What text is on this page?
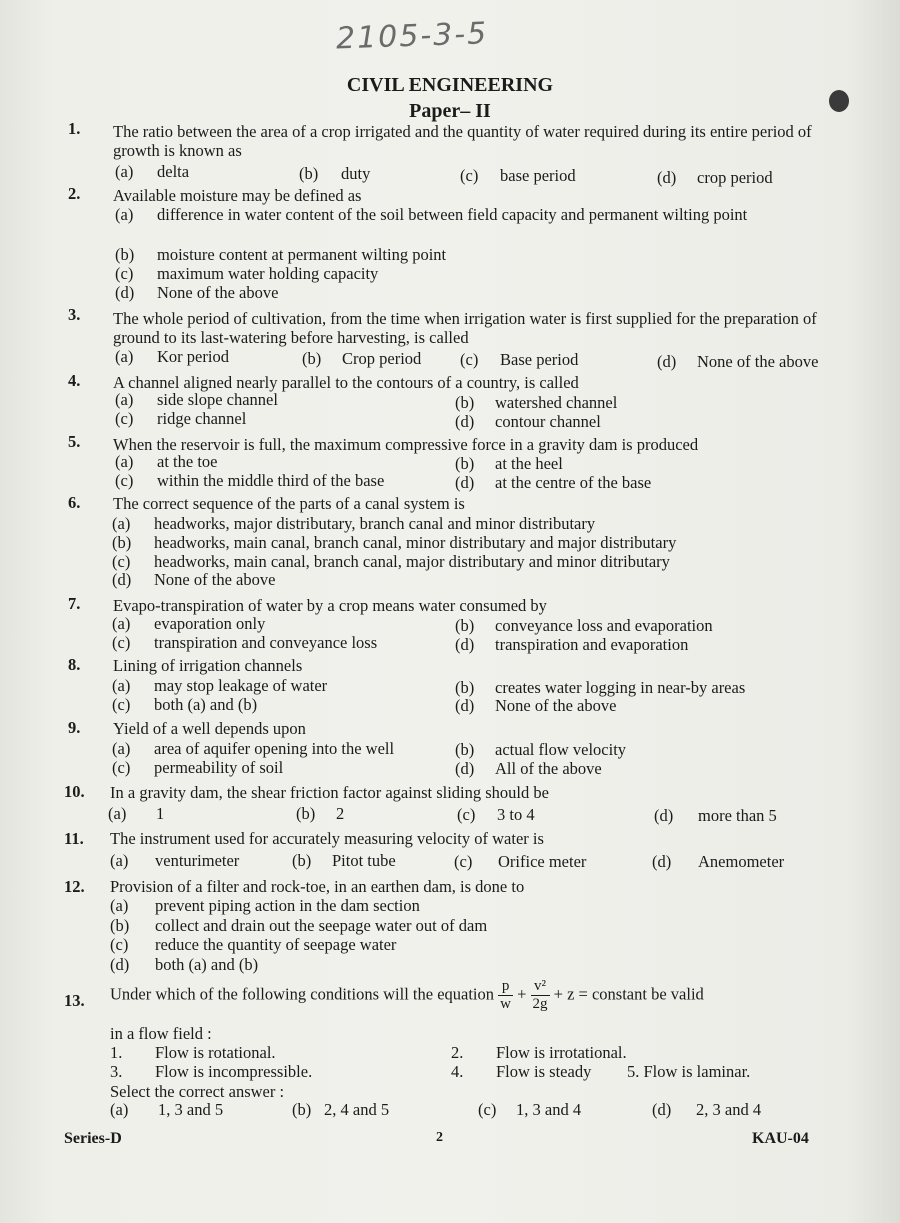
2105-3-5
CIVIL ENGINEERING
Paper– II
1. The ratio between the area of a crop irrigated and the quantity of water required during its entire period of growth is known as
(a) delta	(b) duty	(c) base period	(d) crop period
2. Available moisture may be defined as
(a) difference in water content of the soil between field capacity and permanent wilting point
(b) moisture content at permanent wilting point
(c) maximum water holding capacity
(d) None of the above
3. The whole period of cultivation, from the time when irrigation water is first supplied for the preparation of ground to its last-watering before harvesting, is called
(a) Kor period	(b) Crop period (c) Base period	(d) None of the above
4. A channel aligned nearly parallel to the contours of a country, is called
(a) side slope channel	(b) watershed channel
(c) ridge channel	(d) contour channel
5. When the reservoir is full, the maximum compressive force in a gravity dam is produced
(a) at the toe	(b) at the heel
(c) within the middle third of the base	(d) at the centre of the base
6. The correct sequence of the parts of a canal system is
(a) headworks, major distributary, branch canal and minor distributary
(b) headworks, main canal, branch canal, minor distributary and major distributary
(c) headworks, main canal, branch canal, major distributary and minor ditributary
(d) None of the above
7. Evapo-transpiration of water by a crop means water consumed by
(a) evaporation only	(b) conveyance loss and evaporation
(c) transpiration and conveyance loss	(d) transpiration and evaporation
8. Lining of irrigation channels
(a) may stop leakage of water	(b) creates water logging in near-by areas
(c) both (a) and (b)	(d) None of the above
9. Yield of a well depends upon
(a) area of aquifer opening into the well	(b) actual flow velocity
(c) permeability of soil	(d) All of the above
10. In a gravity dam, the shear friction factor against sliding should be
(a) 1	(b) 2	(c) 3 to 4	(d) more than 5
11. The instrument used for accurately measuring velocity of water is
(a) venturimeter	(b) Pitot tube	(c) Orifice meter	(d) Anemometer
12. Provision of a filter and rock-toe, in an earthen dam, is done to
(a) prevent piping action in the dam section
(b) collect and drain out the seepage water out of dam
(c) reduce the quantity of seepage water
(d) both (a) and (b)
13. Under which of the following conditions will the equation $\frac{p}{w} + \frac{\text{v²}}{2g} + z$ = constant be valid
in a flow field :
1. Flow is rotational.	2. Flow is irrotational.
3. Flow is incompressible.	4. Flow is steady 5. Flow is laminar.
Select the correct answer :
(a) 1, 3 and 5	(b) 2, 4 and 5	(c) 1, 3 and 4	(d) 2, 3 and 4
Series-D	2	KAU-04
